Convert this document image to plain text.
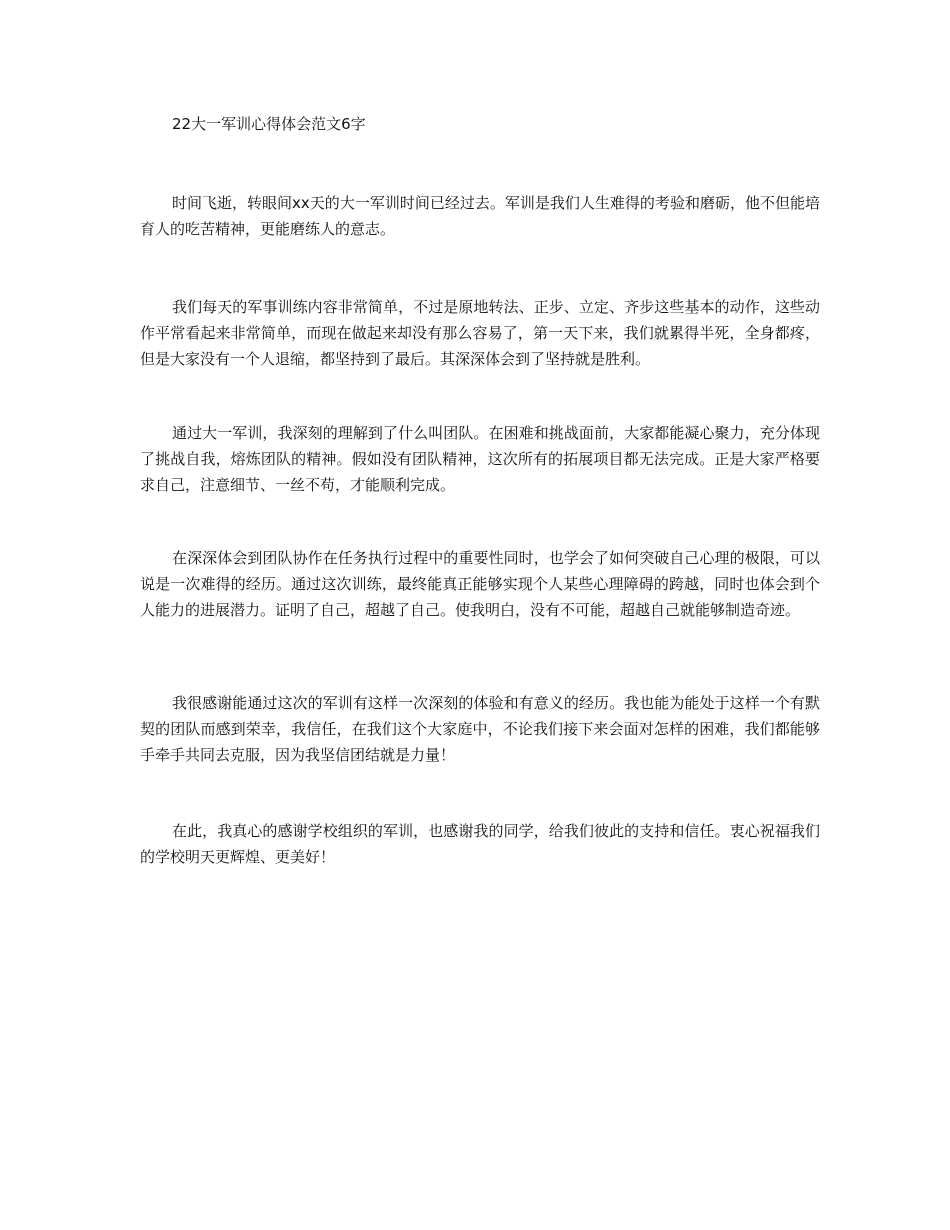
22大一军训心得体会范文6字

时间飞逝，转眼间xx天的大一军训时间已经过去。军训是我们人生难得的考验和磨砺，他不但能培育人的吃苦精神，更能磨练人的意志。

我们每天的军事训练内容非常简单，不过是原地转法、正步、立定、齐步这些基本的动作，这些动作平常看起来非常简单，而现在做起来却没有那么容易了，第一天下来，我们就累得半死，全身都疼，但是大家没有一个人退缩，都坚持到了最后。其深深体会到了坚持就是胜利。

通过大一军训，我深刻的理解到了什么叫团队。在困难和挑战面前，大家都能凝心聚力，充分体现了挑战自我，熔炼团队的精神。假如没有团队精神，这次所有的拓展项目都无法完成。正是大家严格要求自己，注意细节、一丝不苟，才能顺利完成。

在深深体会到团队协作在任务执行过程中的重要性同时，也学会了如何突破自己心理的极限，可以说是一次难得的经历。通过这次训练，最终能真正能够实现个人某些心理障碍的跨越，同时也体会到个人能力的进展潜力。证明了自己，超越了自己。使我明白，没有不可能，超越自己就能够制造奇迹。

我很感谢能通过这次的军训有这样一次深刻的体验和有意义的经历。我也能为能处于这样一个有默契的团队而感到荣幸，我信任，在我们这个大家庭中，不论我们接下来会面对怎样的困难，我们都能够手牵手共同去克服，因为我坚信团结就是力量！

在此，我真心的感谢学校组织的军训，也感谢我的同学，给我们彼此的支持和信任。衷心祝福我们的学校明天更辉煌、更美好！
